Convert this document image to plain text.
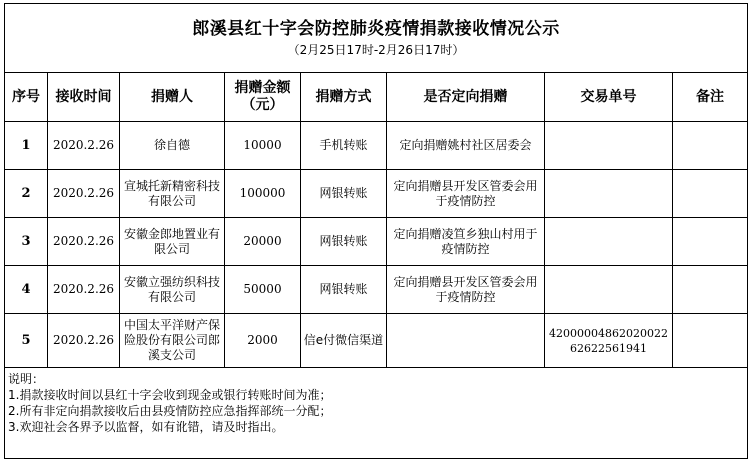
郎溪县红十字会防控肺炎疫情捐款接收情况公示
（2月25日17时-2月26日17时）							

序号	接收时间	捐赠人	捐赠金额（元）	捐赠方式	是否定向捐赠	交易单号	备注
1	2020.2.26	徐自德	10000	手机转账	定向捐赠姚村社区居委会		
2	2020.2.26	宣城托新精密科技有限公司	100000	网银转账	定向捐赠县开发区管委会用于疫情防控		
3	2020.2.26	安徽金郎地置业有限公司	20000	网银转账	定向捐赠凌笪乡独山村用于疫情防控		
4	2020.2.26	安徽立强纺织科技有限公司	50000	网银转账	定向捐赠县开发区管委会用于疫情防控		
5	2020.2.26	中国太平洋财产保险股份有限公司郎溪支公司	2000	信e付微信渠道		4200000486202002262622561941	

说明：
1.捐款接收时间以县红十字会收到现金或银行转账时间为准；
2.所有非定向捐款接收后由县疫情防控应急指挥部统一分配；
3.欢迎社会各界予以监督，如有讹错，请及时指出。							
